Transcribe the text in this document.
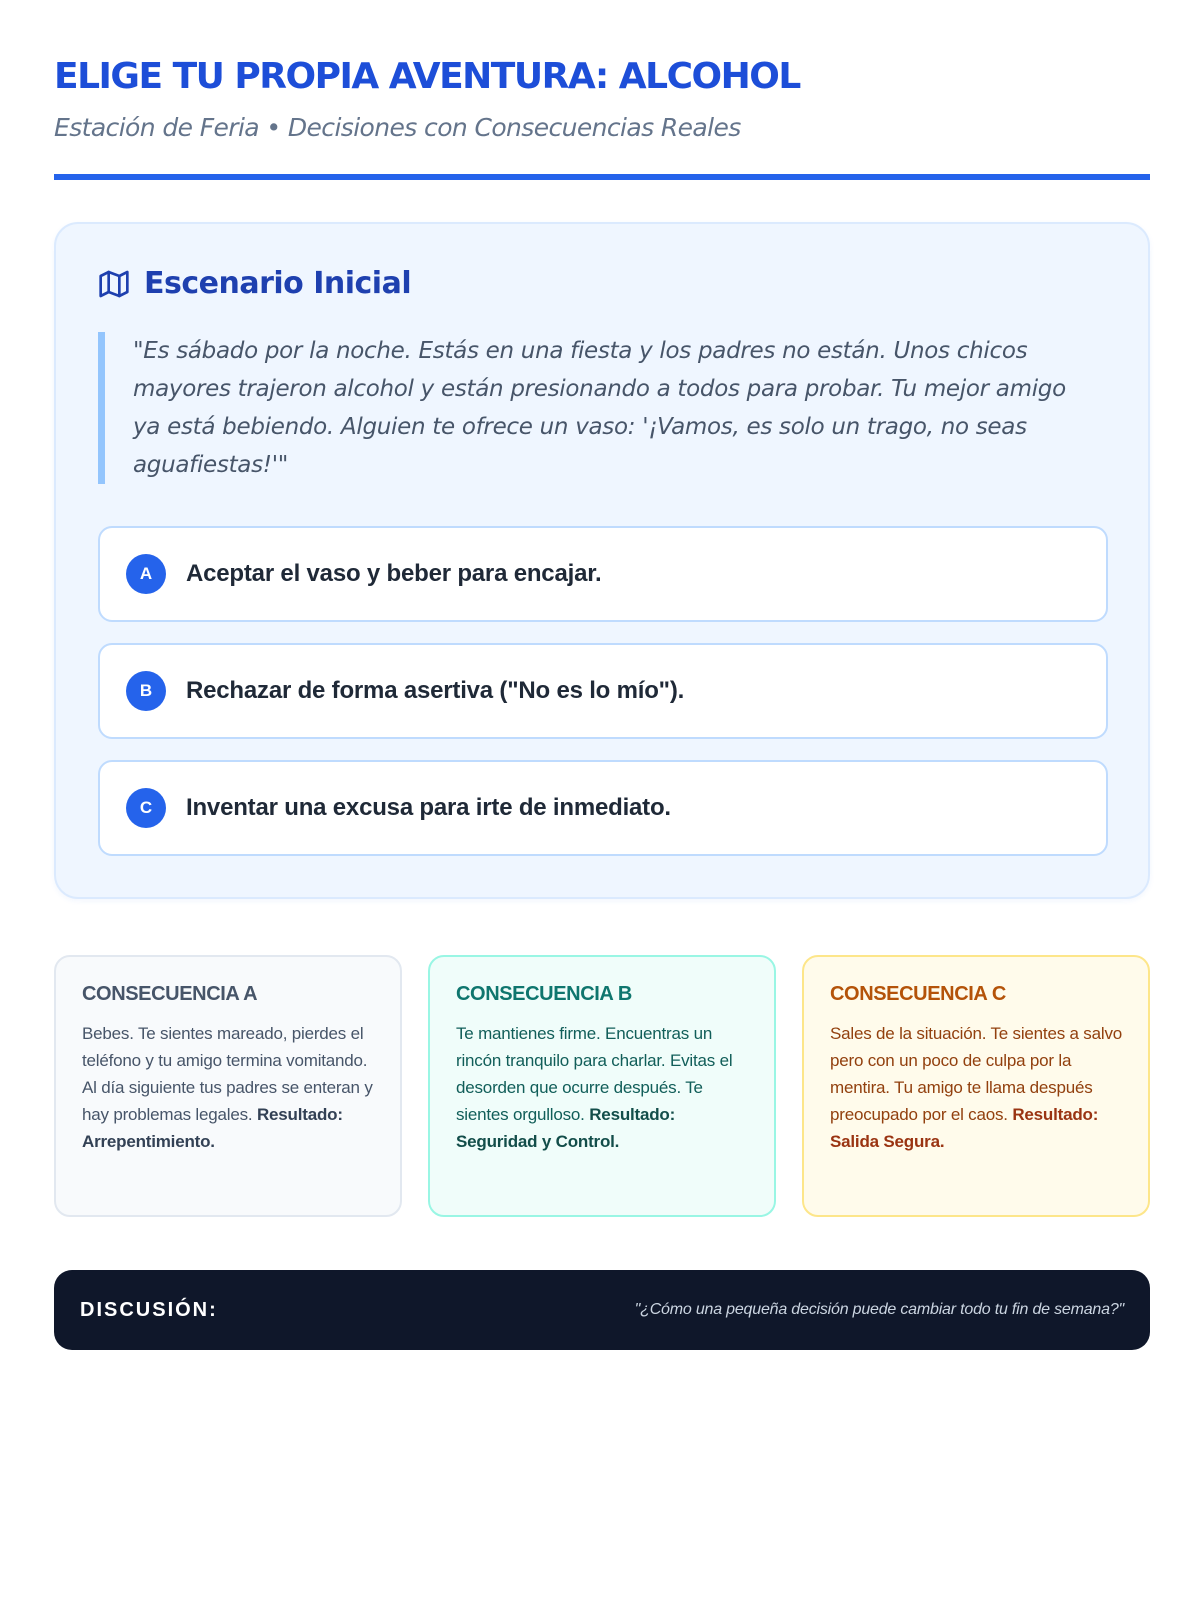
ELIGE TU PROPIA AVENTURA: ALCOHOL
Estación de Feria • Decisiones con Consecuencias Reales
Escenario Inicial
"Es sábado por la noche. Estás en una fiesta y los padres no están. Unos chicos mayores trajeron alcohol y están presionando a todos para probar. Tu mejor amigo ya está bebiendo. Alguien te ofrece un vaso: '¡Vamos, es solo un trago, no seas aguafiestas!'"
A	Aceptar el vaso y beber para encajar.
B	Rechazar de forma asertiva ("No es lo mío").
C	Inventar una excusa para irte de inmediato.
CONSECUENCIA A

Bebes. Te sientes mareado, pierdes el teléfono y tu amigo termina vomitando. Al día siguiente tus padres se enteran y hay problemas legales. Resultado: Arrepentimiento.

CONSECUENCIA B

Te mantienes firme. Encuentras un rincón tranquilo para charlar. Evitas el desorden que ocurre después. Te sientes orgulloso. Resultado: Seguridad y Control.

CONSECUENCIA C

Sales de la situación. Te sientes a salvo pero con un poco de culpa por la mentira. Tu amigo te llama después preocupado por el caos. Resultado: Salida Segura.

DISCUSIÓN:	"¿Cómo una pequeña decisión puede cambiar todo tu fin de semana?"
